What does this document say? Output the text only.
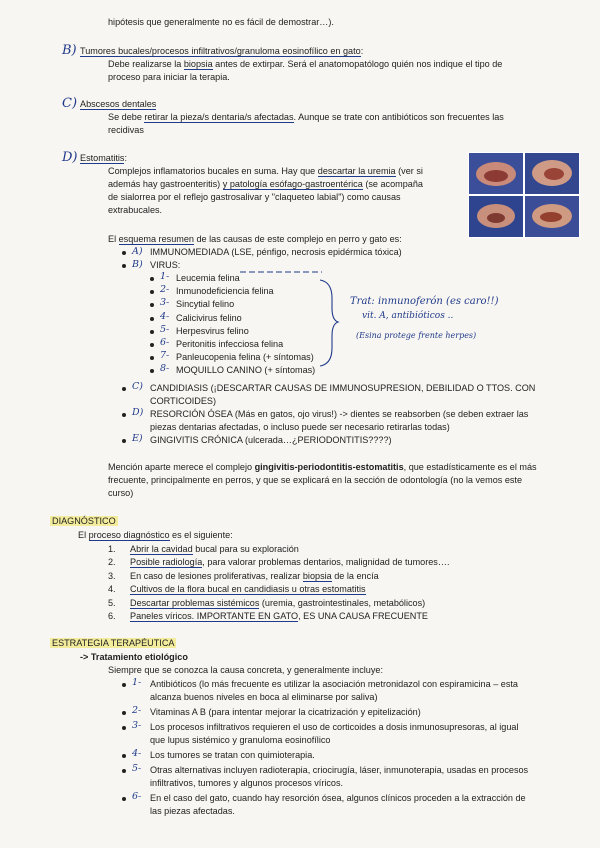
hipótesis que generalmente no es fácil de demostrar…).
B) Tumores bucales/procesos infiltrativos/granuloma eosinofílico en gato:
Debe realizarse la biopsia antes de extirpar. Será el anatomopatólogo quién nos indique el tipo de
proceso para iniciar la terapia.
C) Abscesos dentales
Se debe retirar la pieza/s dentaria/s afectadas. Aunque se trate con antibióticos son frecuentes las
recidivas
D) Estomatitis:
Complejos inflamatorios bucales en suma. Hay que descartar la uremia (ver si
además hay gastroenteritis) y patología esófago-gastroentérica (se acompaña
de sialorrea por el reflejo gastrosalivar y "claqueteo labial") como causas
extrabucales.
El esquema resumen de las causas de este complejo en perro y gato es:
A) IMMUNOMEDIADA (LSE, pénfigo, necrosis epidérmica tóxica)
B) VIRUS:
1- Leucemia felina
2- Inmunodeficiencia felina
3- Sincytial felino
4- Calicivirus felino
5- Herpesvirus felino
6- Peritonitis infecciosa felina
7- Panleucopenia felina (+ síntomas)
8- MOQUILLO CANINO (+ síntomas)
Trat: inmunoferón (es caro!!)
vit. A, antibióticos ..
(Esina protege frente herpes)
C) CANDIDIASIS (¡DESCARTAR CAUSAS DE IMMUNOSUPRESION, DEBILIDAD O TTOS. CON
CORTICOIDES)
D) RESORCIÓN ÓSEA (Más en gatos, ojo virus!) -> dientes se reabsorben (se deben extraer las
piezas dentarias afectadas, o incluso puede ser necesario retirarlas todas)
E) GINGIVITIS CRÓNICA (ulcerada…¿PERIODONTITIS????)
Mención aparte merece el complejo gingivitis-periodontitis-estomatitis, que estadísticamente es el más
frecuente, principalmente en perros, y que se explicará en la sección de odontología (no la vemos este
curso)
DIAGNÓSTICO
El proceso diagnóstico es el siguiente:
1. Abrir la cavidad bucal para su exploración
2. Posible radiología, para valorar problemas dentarios, malignidad de tumores….
3. En caso de lesiones proliferativas, realizar biopsia de la encía
4. Cultivos de la flora bucal en candidiasis u otras estomatitis
5. Descartar problemas sistémicos (uremia, gastrointestinales, metabólicos)
6. Paneles víricos. IMPORTANTE EN GATO, ES UNA CAUSA FRECUENTE
ESTRATEGIA TERAPÉUTICA
-> Tratamiento etiológico
Siempre que se conozca la causa concreta, y generalmente incluye:
1- Antibióticos (lo más frecuente es utilizar la asociación metronidazol con espiramicina – esta
alcanza buenos niveles en boca al eliminarse por saliva)
2- Vitaminas A B (para intentar mejorar la cicatrización y epitelización)
3- Los procesos infiltrativos requieren el uso de corticoides a dosis inmunosupresoras, al igual
que lupus sistémico y granuloma eosinofílico
4- Los tumores se tratan con quimioterapia.
5- Otras alternativas incluyen radioterapia, criocirugía, láser, inmunoterapia, usadas en procesos
infiltrativos, tumores y algunos procesos víricos.
6- En el caso del gato, cuando hay resorción ósea, algunos clínicos proceden a la extracción de
las piezas afectadas.
